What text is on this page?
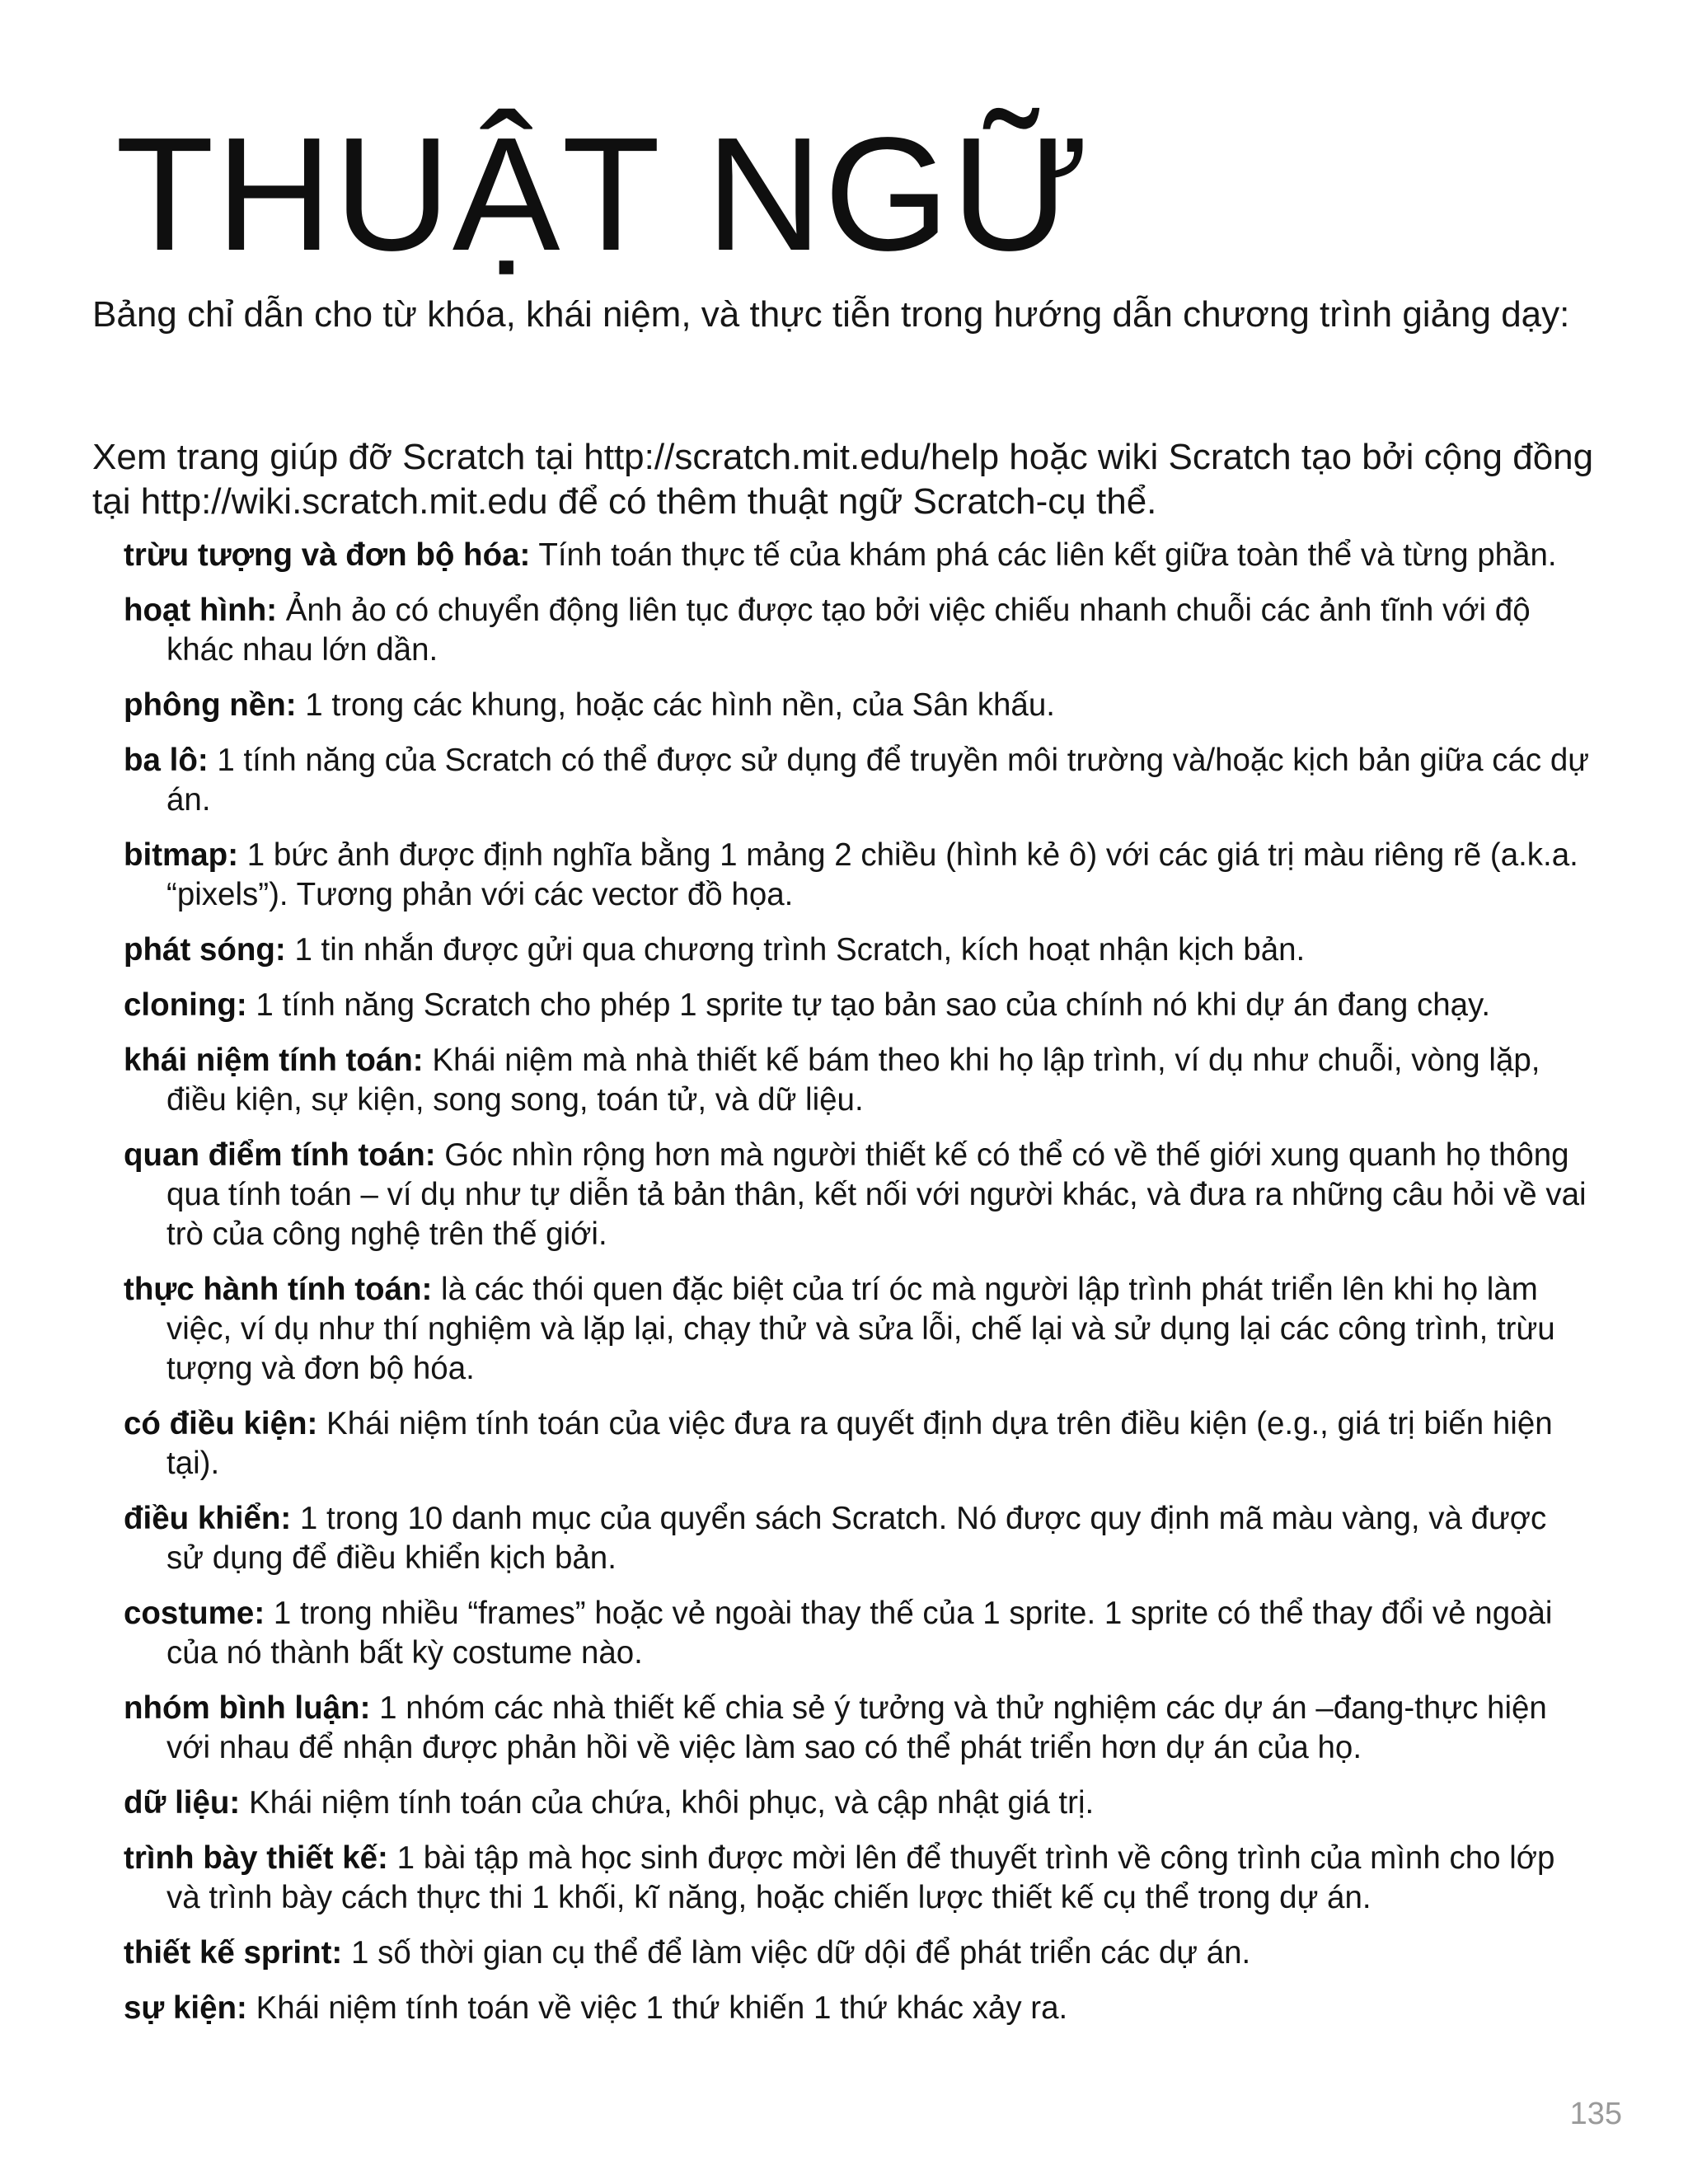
THUẬT NGỮ

Bảng chỉ dẫn cho từ khóa, khái niệm, và thực tiễn trong hướng dẫn chương trình giảng dạy:

Xem trang giúp đỡ Scratch tại http://scratch.mit.edu/help hoặc wiki Scratch tạo bởi cộng đồng tại http://wiki.scratch.mit.edu để có thêm thuật ngữ Scratch-cụ thể.

trừu tượng và đơn bộ hóa: Tính toán thực tế của khám phá các liên kết giữa toàn thể và từng phần.
hoạt hình: Ảnh ảo có chuyển động liên tục được tạo bởi việc chiếu nhanh chuỗi các ảnh tĩnh với độ khác nhau lớn dần.
phông nền: 1 trong các khung, hoặc các hình nền, của Sân khấu.
ba lô: 1 tính năng của Scratch có thể được sử dụng để truyền môi trường và/hoặc kịch bản giữa các dự án.
bitmap: 1 bức ảnh được định nghĩa bằng 1 mảng 2 chiều (hình kẻ ô) với các giá trị màu riêng rẽ (a.k.a. “pixels”). Tương phản với các vector đồ họa.
phát sóng: 1 tin nhắn được gửi qua chương trình Scratch, kích hoạt nhận kịch bản.
cloning: 1 tính năng Scratch cho phép 1 sprite tự tạo bản sao của chính nó khi dự án đang chạy.
khái niệm tính toán: Khái niệm mà nhà thiết kế bám theo khi họ lập trình, ví dụ như chuỗi, vòng lặp, điều kiện, sự kiện, song song, toán tử, và dữ liệu.
quan điểm tính toán: Góc nhìn rộng hơn mà người thiết kế có thể có về thế giới xung quanh họ thông qua tính toán – ví dụ như tự diễn tả bản thân, kết nối với người khác, và đưa ra những câu hỏi về vai trò của công nghệ trên thế giới.
thực hành tính toán: là các thói quen đặc biệt của trí óc mà người lập trình phát triển lên khi họ làm việc, ví dụ như thí nghiệm và lặp lại, chạy thử và sửa lỗi, chế lại và sử dụng lại các công trình, trừu tượng và đơn bộ hóa.
có điều kiện: Khái niệm tính toán của việc đưa ra quyết định dựa trên điều kiện (e.g., giá trị biến hiện tại).
điều khiển: 1 trong 10 danh mục của quyển sách Scratch. Nó được quy định mã màu vàng, và được sử dụng để điều khiển kịch bản.
costume: 1 trong nhiều “frames” hoặc vẻ ngoài thay thế của 1 sprite. 1 sprite có thể thay đổi vẻ ngoài của nó thành bất kỳ costume nào.
nhóm bình luận: 1 nhóm các nhà thiết kế chia sẻ ý tưởng và thử nghiệm các dự án –đang-thực hiện với nhau để nhận được phản hồi về việc làm sao có thể phát triển hơn dự án của họ.
dữ liệu: Khái niệm tính toán của chứa, khôi phục, và cập nhật giá trị.
trình bày thiết kế: 1 bài tập mà học sinh được mời lên để thuyết trình về công trình của mình cho lớp và trình bày cách thực thi 1 khối, kĩ năng, hoặc chiến lược thiết kế cụ thể trong dự án.
thiết kế sprint: 1 số thời gian cụ thể để làm việc dữ dội để phát triển các dự án.
sự kiện: Khái niệm tính toán về việc 1 thứ khiến 1 thứ khác xảy ra.
135
